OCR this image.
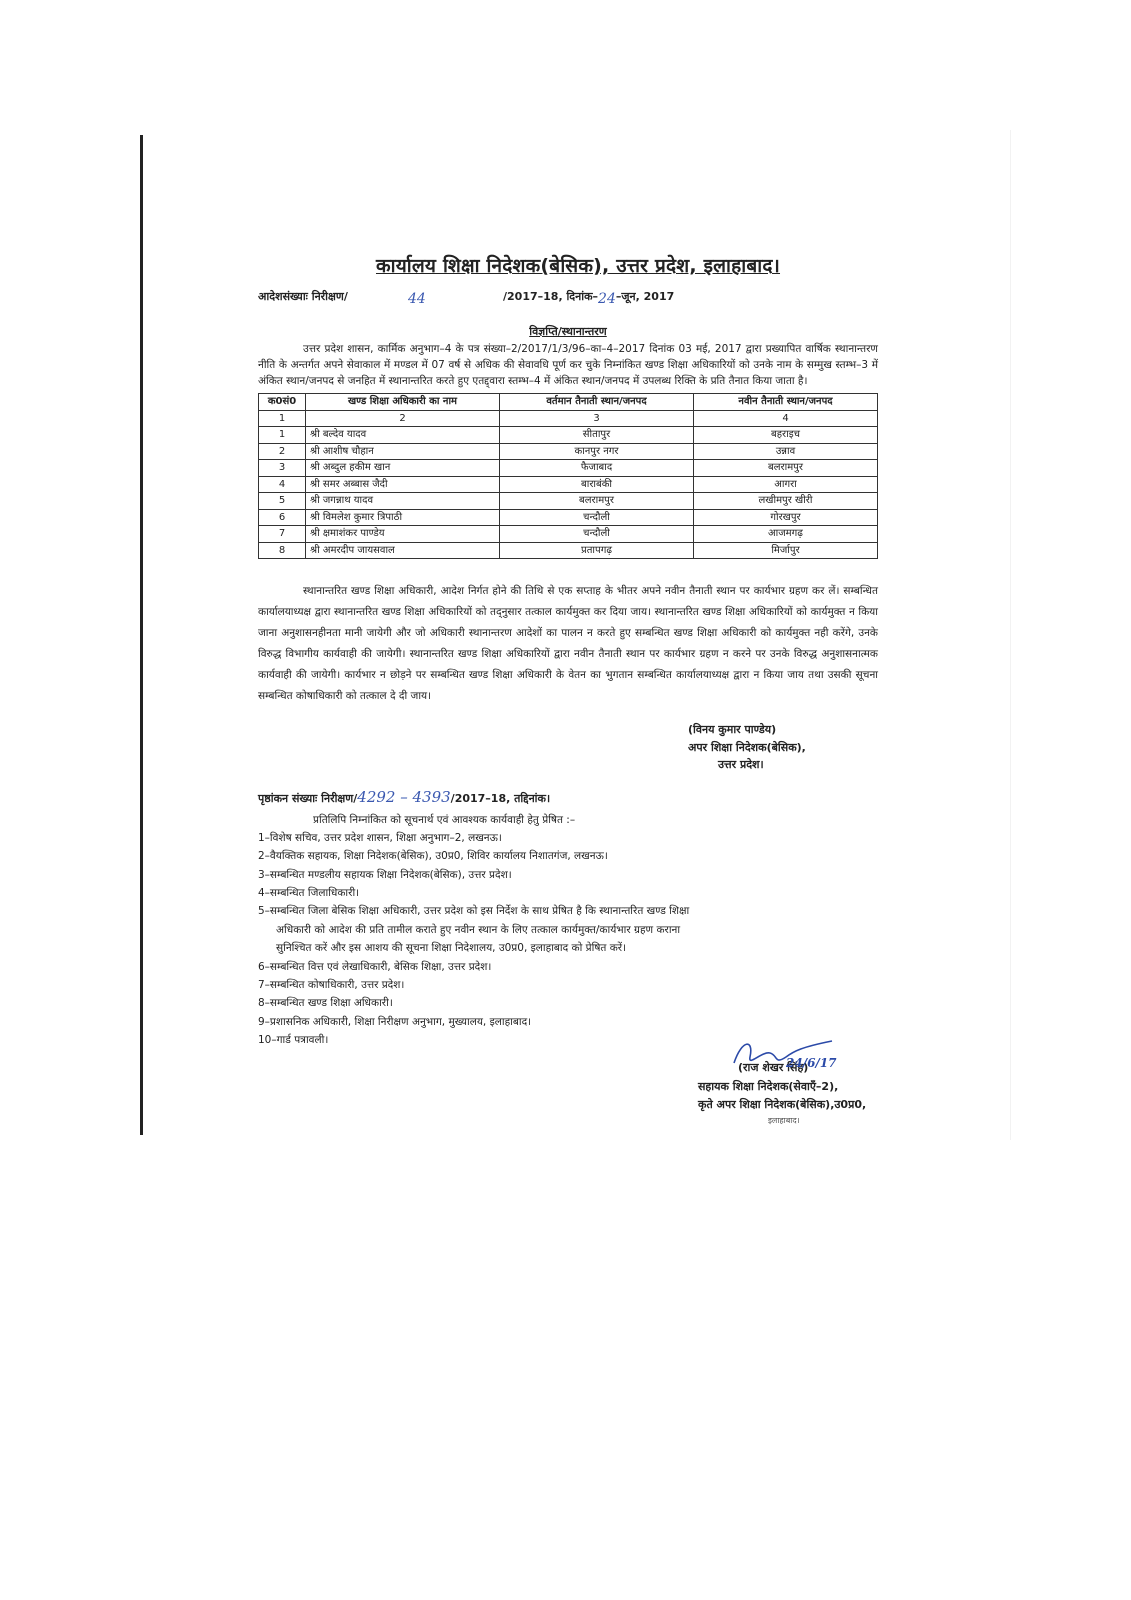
कार्यालय शिक्षा निदेशक(बेसिक), उत्तर प्रदेश, इलाहाबाद।
आदेशसंख्याः निरीक्षण/	44	/2017–18, दिनांक– 24 –जून, 2017
विज्ञप्ति/स्थानान्तरण
उत्तर प्रदेश शासन, कार्मिक अनुभाग–4 के पत्र संख्या–2/2017/1/3/96–का–4–2017 दिनांक 03 मई, 2017 द्वारा प्रख्यापित वार्षिक स्थानान्तरण नीति के अन्तर्गत अपने सेवाकाल में मण्डल में 07 वर्ष से अधिक की सेवावधि पूर्ण कर चुके निम्नांकित खण्ड शिक्षा अधिकारियों को उनके नाम के सम्मुख स्तम्भ–3 में अंकित स्थान/जनपद से जनहित में स्थानान्तरित करते हुए एतद्द्वारा स्तम्भ–4 में अंकित स्थान/जनपद में उपलब्ध रिक्ति के प्रति तैनात किया जाता है।
क0सं0	खण्ड शिक्षा अधिकारी का नाम	वर्तमान तैनाती स्थान/जनपद	नवीन तैनाती स्थान/जनपद
1	2	3	4
1	श्री बल्देव यादव	सीतापुर	बहराइच
2	श्री आशीष चौहान	कानपुर नगर	उन्नाव
3	श्री अब्दुल हकीम खान	फैजाबाद	बलरामपुर
4	श्री समर अब्बास जैदी	बाराबंकी	आगरा
5	श्री जगन्नाथ यादव	बलरामपुर	लखीमपुर खीरी
6	श्री विमलेश कुमार त्रिपाठी	चन्दौली	गोरखपुर
7	श्री क्षमाशंकर पाण्डेय	चन्दौली	आजमगढ़
8	श्री अमरदीप जायसवाल	प्रतापगढ़	मिर्जापुर
स्थानान्तरित खण्ड शिक्षा अधिकारी, आदेश निर्गत होने की तिथि से एक सप्ताह के भीतर अपने नवीन तैनाती स्थान पर कार्यभार ग्रहण कर लें। सम्बन्धित कार्यालयाध्यक्ष द्वारा स्थानान्तरित खण्ड शिक्षा अधिकारियों को तद्नुसार तत्काल कार्यमुक्त कर दिया जाय। स्थानान्तरित खण्ड शिक्षा अधिकारियों को कार्यमुक्त न किया जाना अनुशासनहीनता मानी जायेगी और जो अधिकारी स्थानान्तरण आदेशों का पालन न करते हुए सम्बन्धित खण्ड शिक्षा अधिकारी को कार्यमुक्त नही करेंगे, उनके विरुद्ध विभागीय कार्यवाही की जायेगी। स्थानान्तरित खण्ड शिक्षा अधिकारियों द्वारा नवीन तैनाती स्थान पर कार्यभार ग्रहण न करने पर उनके विरुद्ध अनुशासनात्मक कार्यवाही की जायेगी। कार्यभार न छोड़ने पर सम्बन्धित खण्ड शिक्षा अधिकारी के वेतन का भुगतान सम्बन्धित कार्यालयाध्यक्ष द्वारा न किया जाय तथा उसकी सूचना सम्बन्धित कोषाधिकारी को तत्काल दे दी जाय।
(विनय कुमार पाण्डेय)
अपर शिक्षा निदेशक(बेसिक),
उत्तर प्रदेश।
पृष्ठांकन संख्याः निरीक्षण/4292 – 4393/2017–18, तद्दिनांक।
प्रतिलिपि निम्नांकित को सूचनार्थ एवं आवश्यक कार्यवाही हेतु प्रेषित :–
1–विशेष सचिव, उत्तर प्रदेश शासन, शिक्षा अनुभाग–2, लखनऊ।
2–वैयक्तिक सहायक, शिक्षा निदेशक(बेसिक), उ0प्र0, शिविर कार्यालय निशातगंज, लखनऊ।
3–सम्बन्धित मण्डलीय सहायक शिक्षा निदेशक(बेसिक), उत्तर प्रदेश।
4–सम्बन्धित जिलाधिकारी।
5–सम्बन्धित जिला बेसिक शिक्षा अधिकारी, उत्तर प्रदेश को इस निर्देश के साथ प्रेषित है कि स्थानान्तरित खण्ड शिक्षा
अधिकारी को आदेश की प्रति तामील कराते हुए नवीन स्थान के लिए तत्काल कार्यमुक्त/कार्यभार ग्रहण कराना
सुनिश्चित करें और इस आशय की सूचना शिक्षा निदेशालय, उ0प्र0, इलाहाबाद को प्रेषित करें।
6–सम्बन्धित वित्त एवं लेखाधिकारी, बेसिक शिक्षा, उत्तर प्रदेश।
7–सम्बन्धित कोषाधिकारी, उत्तर प्रदेश।
8–सम्बन्धित खण्ड शिक्षा अधिकारी।
9–प्रशासनिक अधिकारी, शिक्षा निरीक्षण अनुभाग, मुख्यालय, इलाहाबाद।
10–गार्ड पत्रावली।
24/6/17
(राज शेखर सिंह)
सहायक शिक्षा निदेशक(सेवाएँ–2),
कृते अपर शिक्षा निदेशक(बेसिक),उ0प्र0,
इलाहाबाद।
